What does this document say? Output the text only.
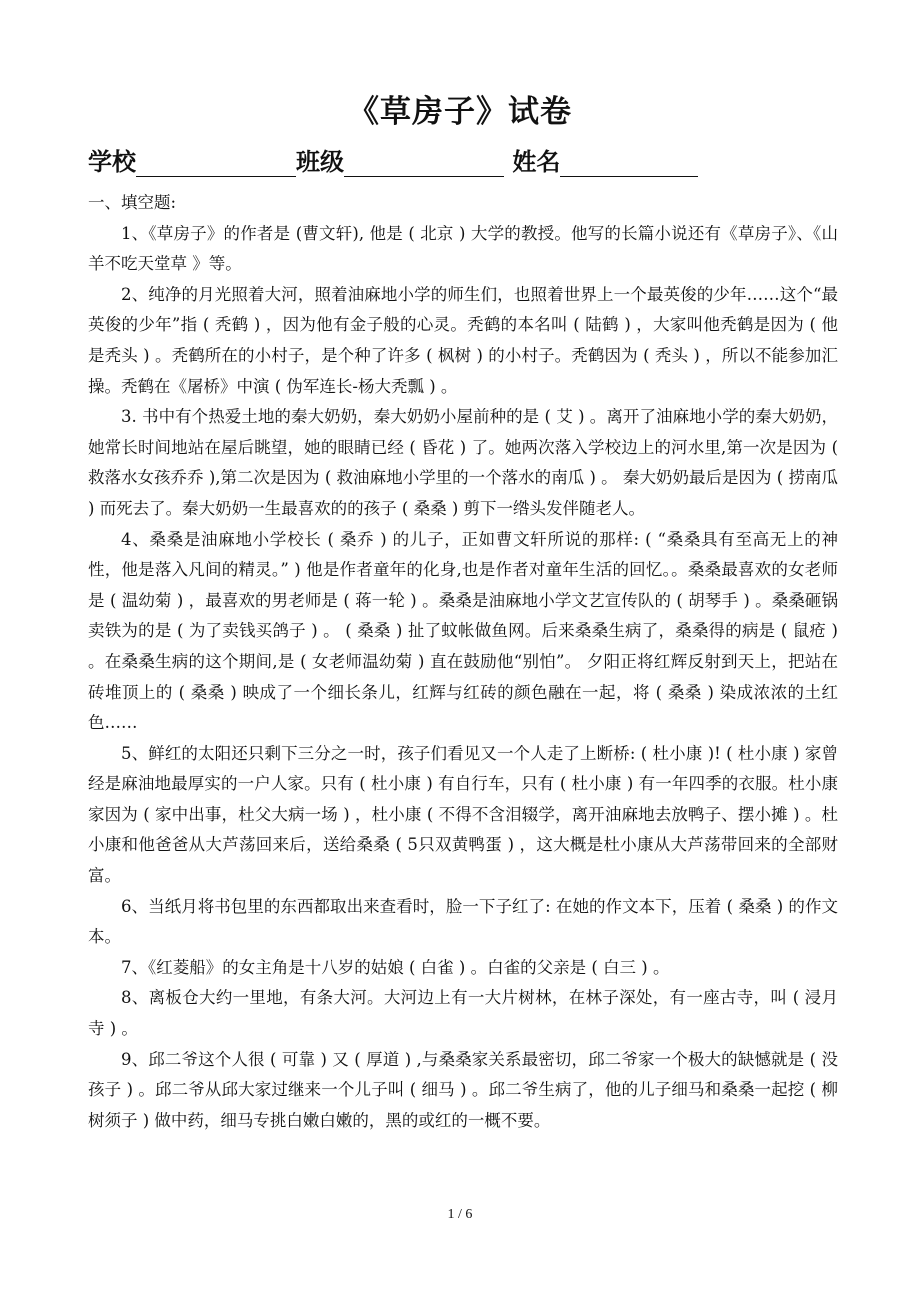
《草房子》试卷
学校	班级	姓名

一、填空题:

1、《草房子》的作者是 (曹文轩), 他是 ( 北京 ) 大学的教授。他写的长篇小说还有《草房子》、《山羊不吃天堂草 》等。

2、纯净的月光照着大河，照着油麻地小学的师生们，也照着世界上一个最英俊的少年……这个“最英俊的少年”指 ( 秃鹤 ) ，因为他有金子般的心灵。秃鹤的本名叫 ( 陆鹤 ) ，大家叫他秃鹤是因为 ( 他是秃头 ) 。秃鹤所在的小村子，是个种了许多 ( 枫树 ) 的小村子。秃鹤因为 ( 秃头 ) ，所以不能参加汇操。秃鹤在《屠桥》中演 ( 伪军连长-杨大秃瓢 ) 。

3. 书中有个热爱土地的秦大奶奶，秦大奶奶小屋前种的是 ( 艾 ) 。离开了油麻地小学的秦大奶奶，她常长时间地站在屋后眺望，她的眼睛已经 ( 昏花 ) 了。她两次落入学校边上的河水里,第一次是因为 ( 救落水女孩乔乔 ),第二次是因为 ( 救油麻地小学里的一个落水的南瓜 ) 。 秦大奶奶最后是因为 ( 捞南瓜 ) 而死去了。秦大奶奶一生最喜欢的的孩子 ( 桑桑 ) 剪下一绺头发伴随老人。

4、桑桑是油麻地小学校长 ( 桑乔 ) 的儿子，正如曹文轩所说的那样: ( “桑桑具有至高无上的神性，他是落入凡间的精灵。” ) 他是作者童年的化身,也是作者对童年生活的回忆。。桑桑最喜欢的女老师是 ( 温幼菊 ) ，最喜欢的男老师是 ( 蒋一轮 ) 。桑桑是油麻地小学文艺宣传队的 ( 胡琴手 ) 。桑桑砸锅卖铁为的是 ( 为了卖钱买鸽子 ) 。 ( 桑桑 ) 扯了蚊帐做鱼网。后来桑桑生病了，桑桑得的病是 ( 鼠疮 ) 。在桑桑生病的这个期间,是 ( 女老师温幼菊 ) 直在鼓励他“别怕”。 夕阳正将红辉反射到天上，把站在砖堆顶上的 ( 桑桑 ) 映成了一个细长条儿，红辉与红砖的颜色融在一起，将 ( 桑桑 ) 染成浓浓的土红色……

5、鲜红的太阳还只剩下三分之一时，孩子们看见又一个人走了上断桥: ( 杜小康 )! ( 杜小康 ) 家曾经是麻油地最厚实的一户人家。只有 ( 杜小康 ) 有自行车，只有 ( 杜小康 ) 有一年四季的衣服。杜小康家因为 ( 家中出事，杜父大病一场 ) ，杜小康 ( 不得不含泪辍学，离开油麻地去放鸭子、摆小摊 ) 。杜小康和他爸爸从大芦荡回来后，送给桑桑 ( 5只双黄鸭蛋 ) ，这大概是杜小康从大芦荡带回来的全部财富。

6、当纸月将书包里的东西都取出来查看时，脸一下子红了: 在她的作文本下，压着 ( 桑桑 ) 的作文本。

7、《红菱船》的女主角是十八岁的姑娘 ( 白雀 ) 。白雀的父亲是 ( 白三 ) 。

8、离板仓大约一里地，有条大河。大河边上有一大片树林，在林子深处，有一座古寺，叫 ( 浸月寺 ) 。

9、邱二爷这个人很 ( 可靠 ) 又 ( 厚道 ) ,与桑桑家关系最密切，邱二爷家一个极大的缺憾就是 ( 没孩子 ) 。邱二爷从邱大家过继来一个儿子叫 ( 细马 ) 。邱二爷生病了，他的儿子细马和桑桑一起挖 ( 柳树须子 ) 做中药，细马专挑白嫩白嫩的，黑的或红的一概不要。

1 / 6
